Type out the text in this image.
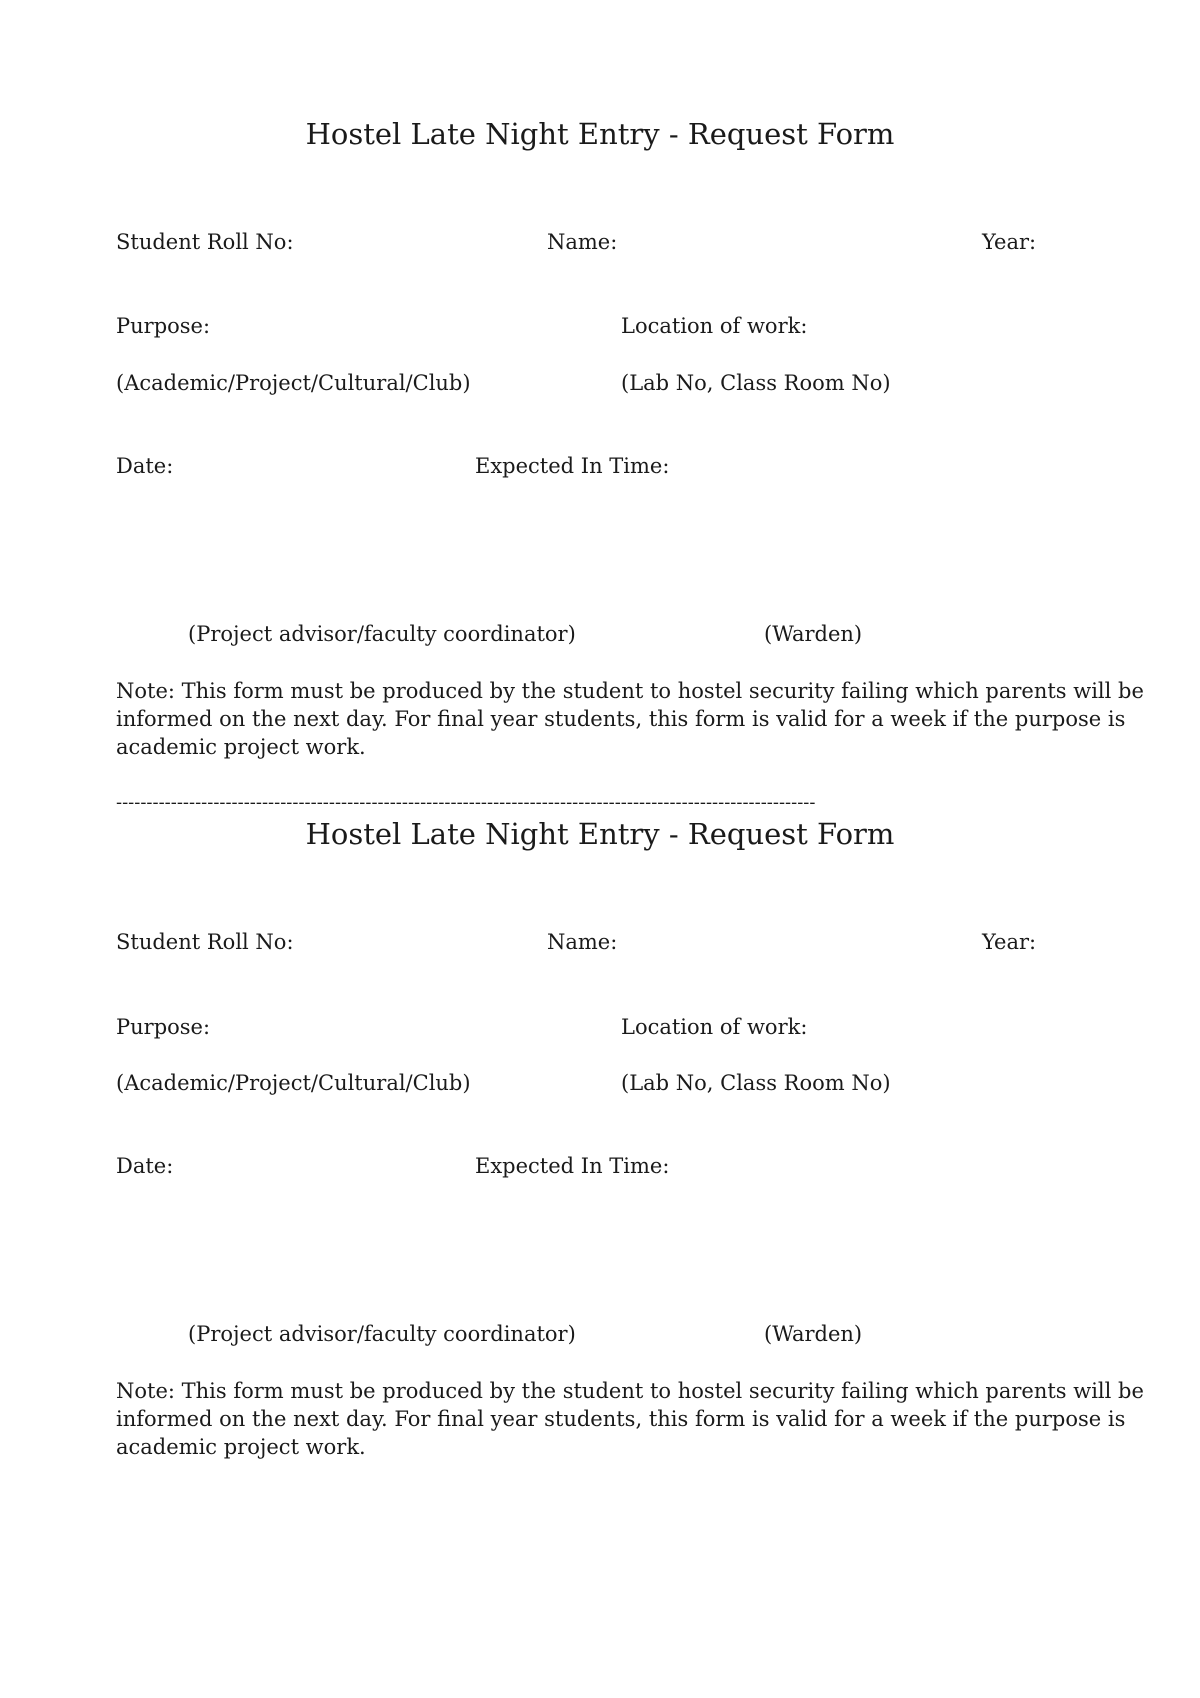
Hostel Late Night Entry - Request Form
Student Roll No:	Name:	Year:
Purpose:	Location of work:
(Academic/Project/Cultural/Club)	(Lab No, Class Room No)
Date:	Expected In Time:
(Project advisor/faculty coordinator)	(Warden)
Note: This form must be produced by the student to hostel security failing which parents will be
informed on the next day. For final year students, this form is valid for a week if the purpose is
academic project work.
-------------------------------------------------------------------------------------------------------------------
Hostel Late Night Entry - Request Form
Student Roll No:	Name:	Year:
Purpose:	Location of work:
(Academic/Project/Cultural/Club)	(Lab No, Class Room No)
Date:	Expected In Time:
(Project advisor/faculty coordinator)	(Warden)
Note: This form must be produced by the student to hostel security failing which parents will be
informed on the next day. For final year students, this form is valid for a week if the purpose is
academic project work.
